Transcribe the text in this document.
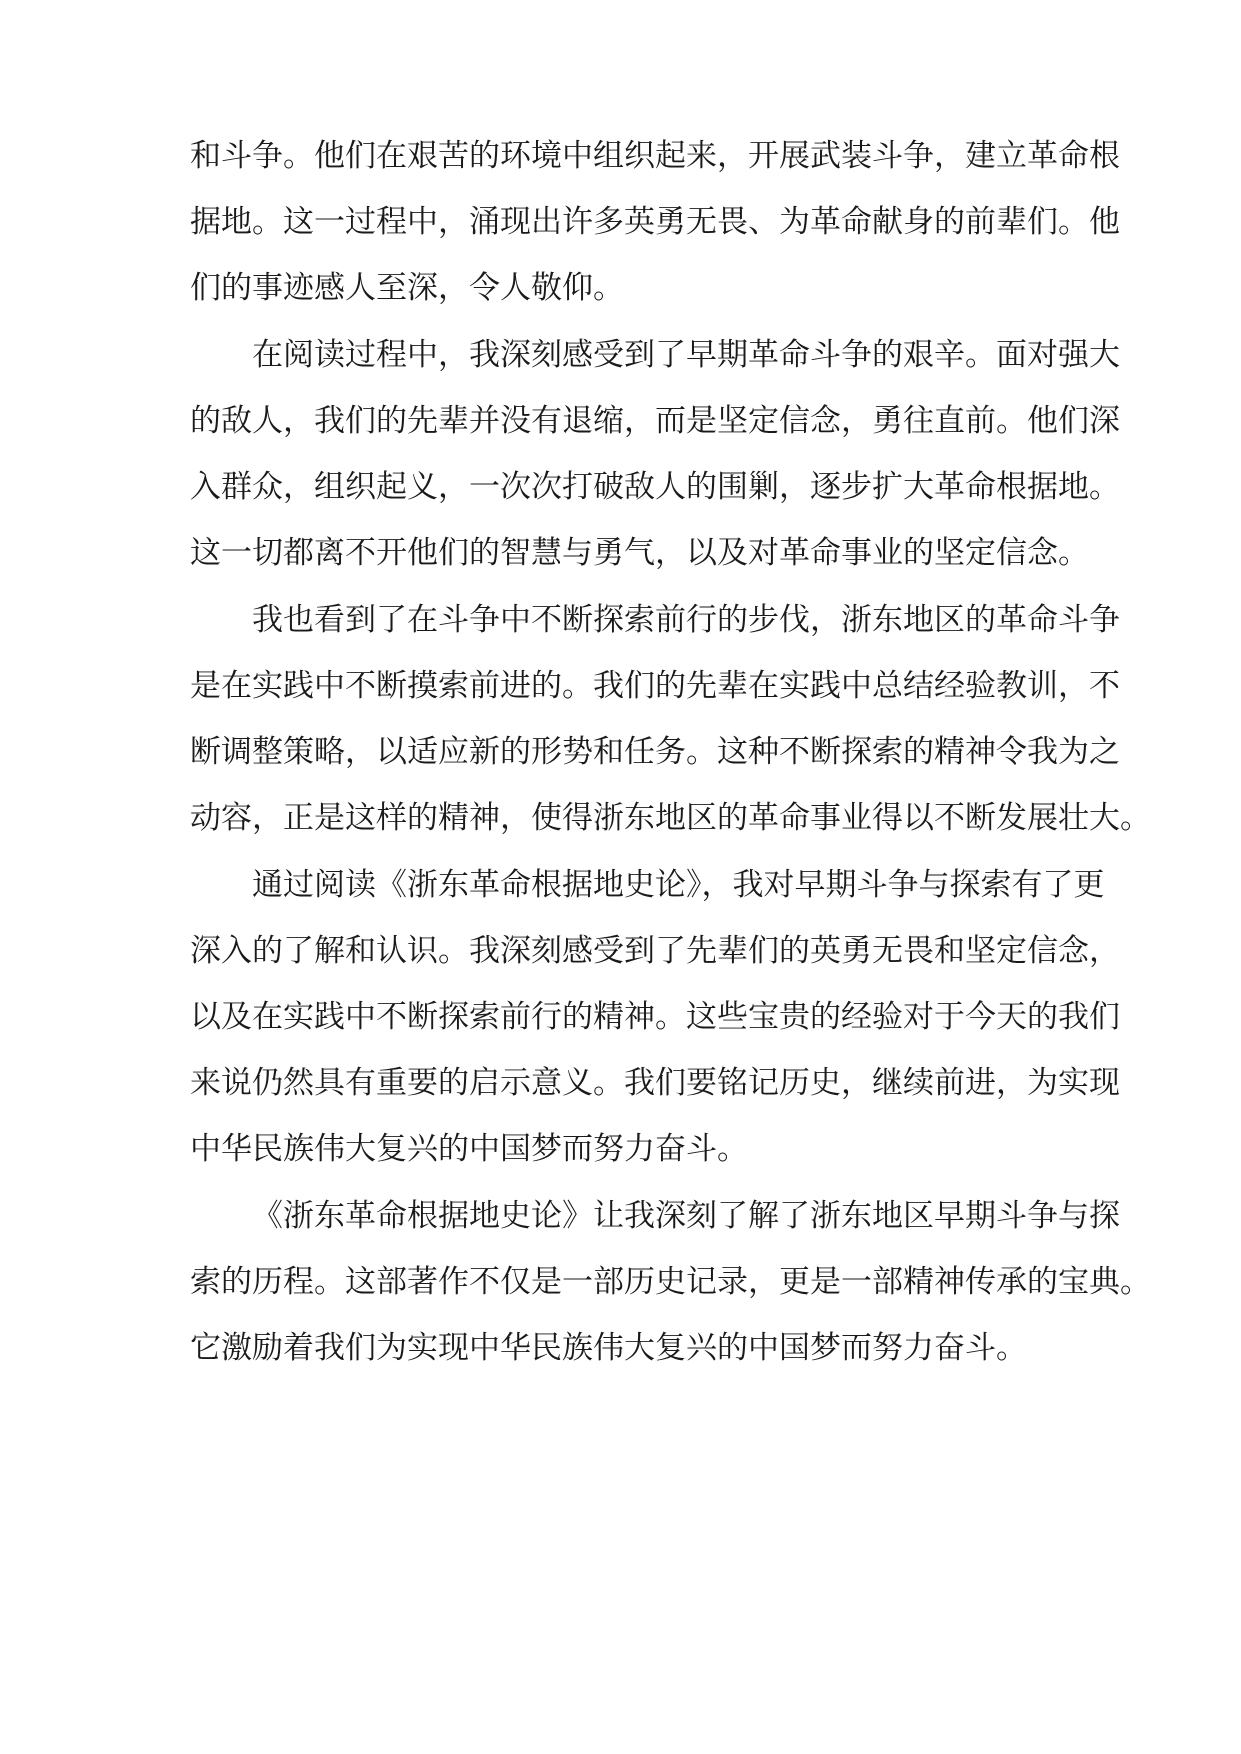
和斗争。他们在艰苦的环境中组织起来，开展武装斗争，建立革命根
据地。这一过程中，涌现出许多英勇无畏、为革命献身的前辈们。他
们的事迹感人至深，令人敬仰。
在阅读过程中，我深刻感受到了早期革命斗争的艰辛。面对强大
的敌人，我们的先辈并没有退缩，而是坚定信念，勇往直前。他们深
入群众，组织起义，一次次打破敌人的围剿，逐步扩大革命根据地。
这一切都离不开他们的智慧与勇气，以及对革命事业的坚定信念。
我也看到了在斗争中不断探索前行的步伐，浙东地区的革命斗争
是在实践中不断摸索前进的。我们的先辈在实践中总结经验教训，不
断调整策略，以适应新的形势和任务。这种不断探索的精神令我为之
动容，正是这样的精神，使得浙东地区的革命事业得以不断发展壮大。
通过阅读《浙东革命根据地史论》，我对早期斗争与探索有了更
深入的了解和认识。我深刻感受到了先辈们的英勇无畏和坚定信念，
以及在实践中不断探索前行的精神。这些宝贵的经验对于今天的我们
来说仍然具有重要的启示意义。我们要铭记历史，继续前进，为实现
中华民族伟大复兴的中国梦而努力奋斗。
《浙东革命根据地史论》让我深刻了解了浙东地区早期斗争与探
索的历程。这部著作不仅是一部历史记录，更是一部精神传承的宝典。
它激励着我们为实现中华民族伟大复兴的中国梦而努力奋斗。
